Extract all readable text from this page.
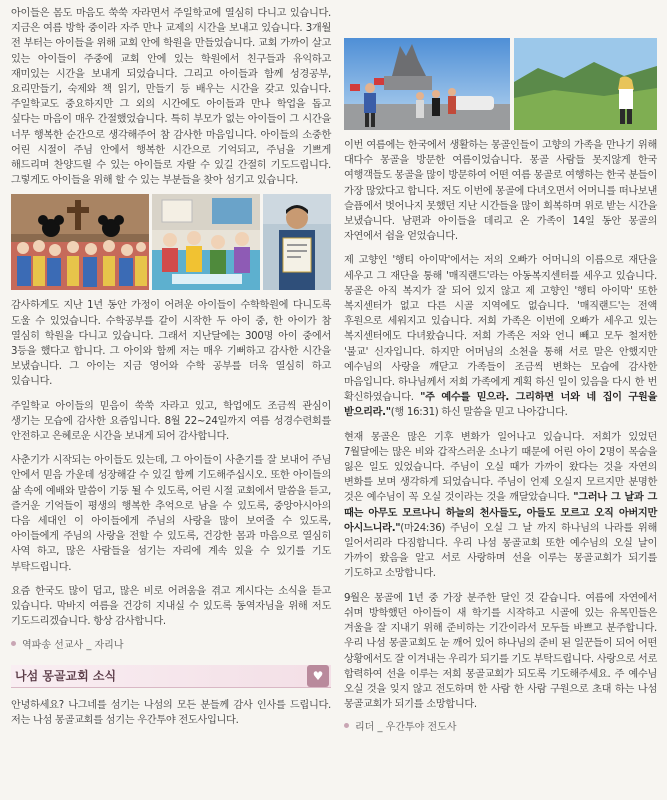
아이들은 몸도 마음도 쑥쑥 자라면서 주일학교에 열심히 다니고 있습니다. 지금은 여름 방학 중이라 자주 만나 교제의 시간을 보내고 있습니다. 3개월 전 부터는 아이들을 위해 교회 안에 학원을 만들었습니다. 교회 가까이 살고 있는 아이들이 주중에 교회 안에 있는 학원에서 친구들과 유익하고 재미있는 시간을 보내게 되었습니다. 그리고 아이들과 함께 성경공부, 요리만들기, 숙제와 책 읽기, 만들기 등 배우는 시간을 갖고 있습니다. 주일학교도 중요하지만 그 외의 시간에도 아이들과 만나 학업을 돕고 싶다는 마음이 매우 간절했었습니다. 특히 부모가 없는 아이들이 그 시간을 너무 행복한 순간으로 생각해주어 참 감사한 마음입니다. 아이들의 소중한 어린 시절이 주님 안에서 행복한 시간으로 기억되고, 주님을 기쁘게 해드리며 찬양드릴 수 있는 아이들로 자랄 수 있길 간절히 기도드립니다. 그렇게도 아이들을 위해 할 수 있는 부분들을 찾아 섬기고 있습니다.

감사하게도 지난 1년 동안 가정이 어려운 아이들이 수학학원에 다니도록 도울 수 있었습니다. 수학공부를 같이 시작한 두 아이 중, 한 아이가 참 열심히 학원을 다니고 있습니다. 그래서 지난달에는 300명 아이 중에서 3등을 했다고 합니다. 그 아이와 함께 저는 매우 기뻐하고 감사한 시간을 보냈습니다. 그 아이는 지금 영어와 수학 공부를 더욱 열심히 하고 있습니다.

주일학교 아이들의 믿음이 쑥쑥 자라고 있고, 학업에도 조금씩 관심이 생기는 모습에 감사한 요즘입니다. 8월 22~24일까지 여름 성경수련회를 안전하고 은혜로운 시간을 보내게 되어 감사합니다.

사춘기가 시작되는 아이들도 있는데, 그 아이들이 사춘기를 잘 보내어 주님 안에서 믿음 가운데 성장해갈 수 있길 함께 기도해주십시오. 또한 아이들의 삶 속에 예배와 말씀이 기둥 될 수 있도록, 어린 시절 교회에서 말씀을 듣고, 즐거운 기억들이 평생의 행복한 추억으로 남을 수 있도록, 중앙아시아의 다음 세대인 이 아이들에게 주님의 사랑을 많이 보여줄 수 있도록, 아이들에게 주님의 사랑을 전할 수 있도록, 건강한 몸과 마음으로 열심히 사역 하고, 많은 사람들을 섬기는 자리에 계속 있을 수 있기를 기도 부탁드립니다.

요즘 한국도 많이 덥고, 많은 비로 어려움을 겪고 계시다는 소식을 듣고 있습니다. 막바지 여름을 건강히 지내실 수 있도록 동역자님을 위해 저도 기도드리겠습니다. 항상 감사합니다.

역파송 선교사 _ 자리나
나섬 몽골교회 소식	♥

안녕하세요? 나그네를 섬기는 나섬의 모든 분들께 감사 인사를 드립니다. 저는 나섬 몽골교회를 섬기는 우간투야 전도사입니다.

이번 여름에는 한국에서 생활하는 몽골인들이 고향의 가족을 만나기 위해 대다수 몽골을 방문한 여름이었습니다. 몽골 사람들 못지않게 한국 여행객들도 몽골을 많이 방문하여 어떤 여름 몽골로 여행하는 한국 분들이 가장 많았다고 합니다. 저도 이번에 몽골에 다녀오면서 어머니를 떠나보낸 슬픔에서 벗어나지 못했던 지난 시간들을 많이 회복하며 위로 받는 시간을 보냈습니다. 남편과 아이들을 데리고 온 가족이 14일 동안 몽골의 자연에서 쉼을 얻었습니다.

제 고향인 '행티 아이막'에서는 저의 오빠가 어머니의 이름으로 재단을 세우고 그 재단을 통해 '매직랜드'라는 아동복지센터를 세우고 있습니다. 몽골은 아직 복지가 잘 되어 있지 않고 제 고향인 '행티 아이막' 또한 복지센터가 없고 다른 시골 지역에도 없습니다. '매직랜드'는 전액 후원으로 세워지고 있습니다. 저희 가족은 이번에 오빠가 세우고 있는 복지센터에도 다녀왔습니다. 저희 가족은 저와 언니 빼고 모두 철저한 '불교' 신자입니다. 하지만 어머님의 소천을 통해 서로 말은 안했지만 예수님의 사랑을 깨닫고 가족들이 조금씩 변화는 모습에 감사한 마음입니다. 하나님께서 저희 가족에게 계획 하신 일이 있음을 다시 한 번 확신하였습니다. "주 예수를 믿으라. 그리하면 너와 네 집이 구원을 받으리라."(행 16:31) 하신 말씀을 믿고 나아갑니다.

현재 몽골은 많은 기후 변화가 일어나고 있습니다. 저희가 있었던 7월달에는 많은 비와 갑작스러운 소나기 때문에 어린 아이 2명이 목숨을 잃은 일도 있었습니다. 주님이 오실 때가 가까이 왔다는 것을 자연의 변화를 보며 생각하게 되었습니다. 주님이 언제 오실지 모르지만 분명한 것은 예수님이 꼭 오실 것이라는 것을 깨달았습니다. "그러나 그 날과 그 때는 아무도 모르나니 하늘의 천사들도, 아들도 모르고 오직 아버지만 아시느니라."(마24:36) 주님이 오실 그 날 까지 하나님의 나라를 위해 일어서리라 다짐합니다. 우리 나섬 몽골교회 또한 예수님의 오실 날이 가까이 왔음을 알고 서로 사랑하며 선을 이루는 몽골교회가 되기를 기도하고 소망합니다.

9월은 몽골에 1년 중 가장 분주한 달인 것 같습니다. 여름에 자연에서 쉬며 방학했던 아이들이 새 학기를 시작하고 시골에 있는 유목민들은 겨울을 잘 지내기 위해 준비하는 기간이라서 모두들 바쁘고 분주합니다. 우리 나섬 몽골교회도 눈 깨어 있어 하나님의 준비 된 일꾼들이 되어 어떤 상황에서도 잘 이겨내는 우리가 되기를 기도 부탁드립니다. 사랑으로 서로 합력하여 선을 이루는 저희 몽골교회가 되도록 기도해주세요. 주 예수님 오실 것을 잊지 않고 전도하며 한 사람 한 사람 구원으로 초대 하는 나섬 몽골교회가 되기를 소망합니다.

리더 _ 우간투야 전도사
